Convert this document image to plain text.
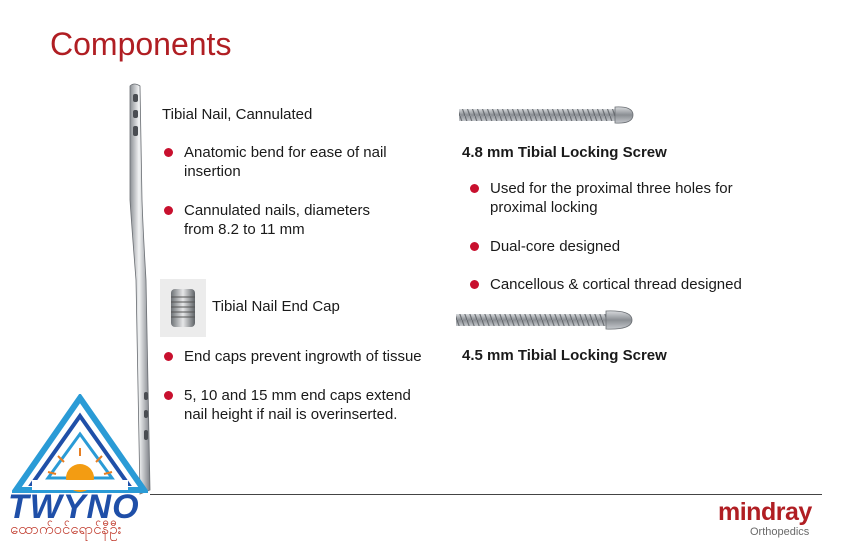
Components
Tibial Nail, Cannulated
Anatomic bend for ease of nail insertion
Cannulated nails, diameters from 8.2 to 11 mm
4.8 mm Tibial Locking Screw
Used for the proximal three holes for proximal locking
Dual-core designed
Cancellous & cortical thread designed
Tibial Nail End Cap
End caps prevent ingrowth of tissue
5, 10 and 15 mm end caps extend nail height if nail is overinserted.
4.5 mm Tibial Locking Screw
TWYNO
ထောက်ဝင်ရောင်နီဦး
mindray
Orthopedics
